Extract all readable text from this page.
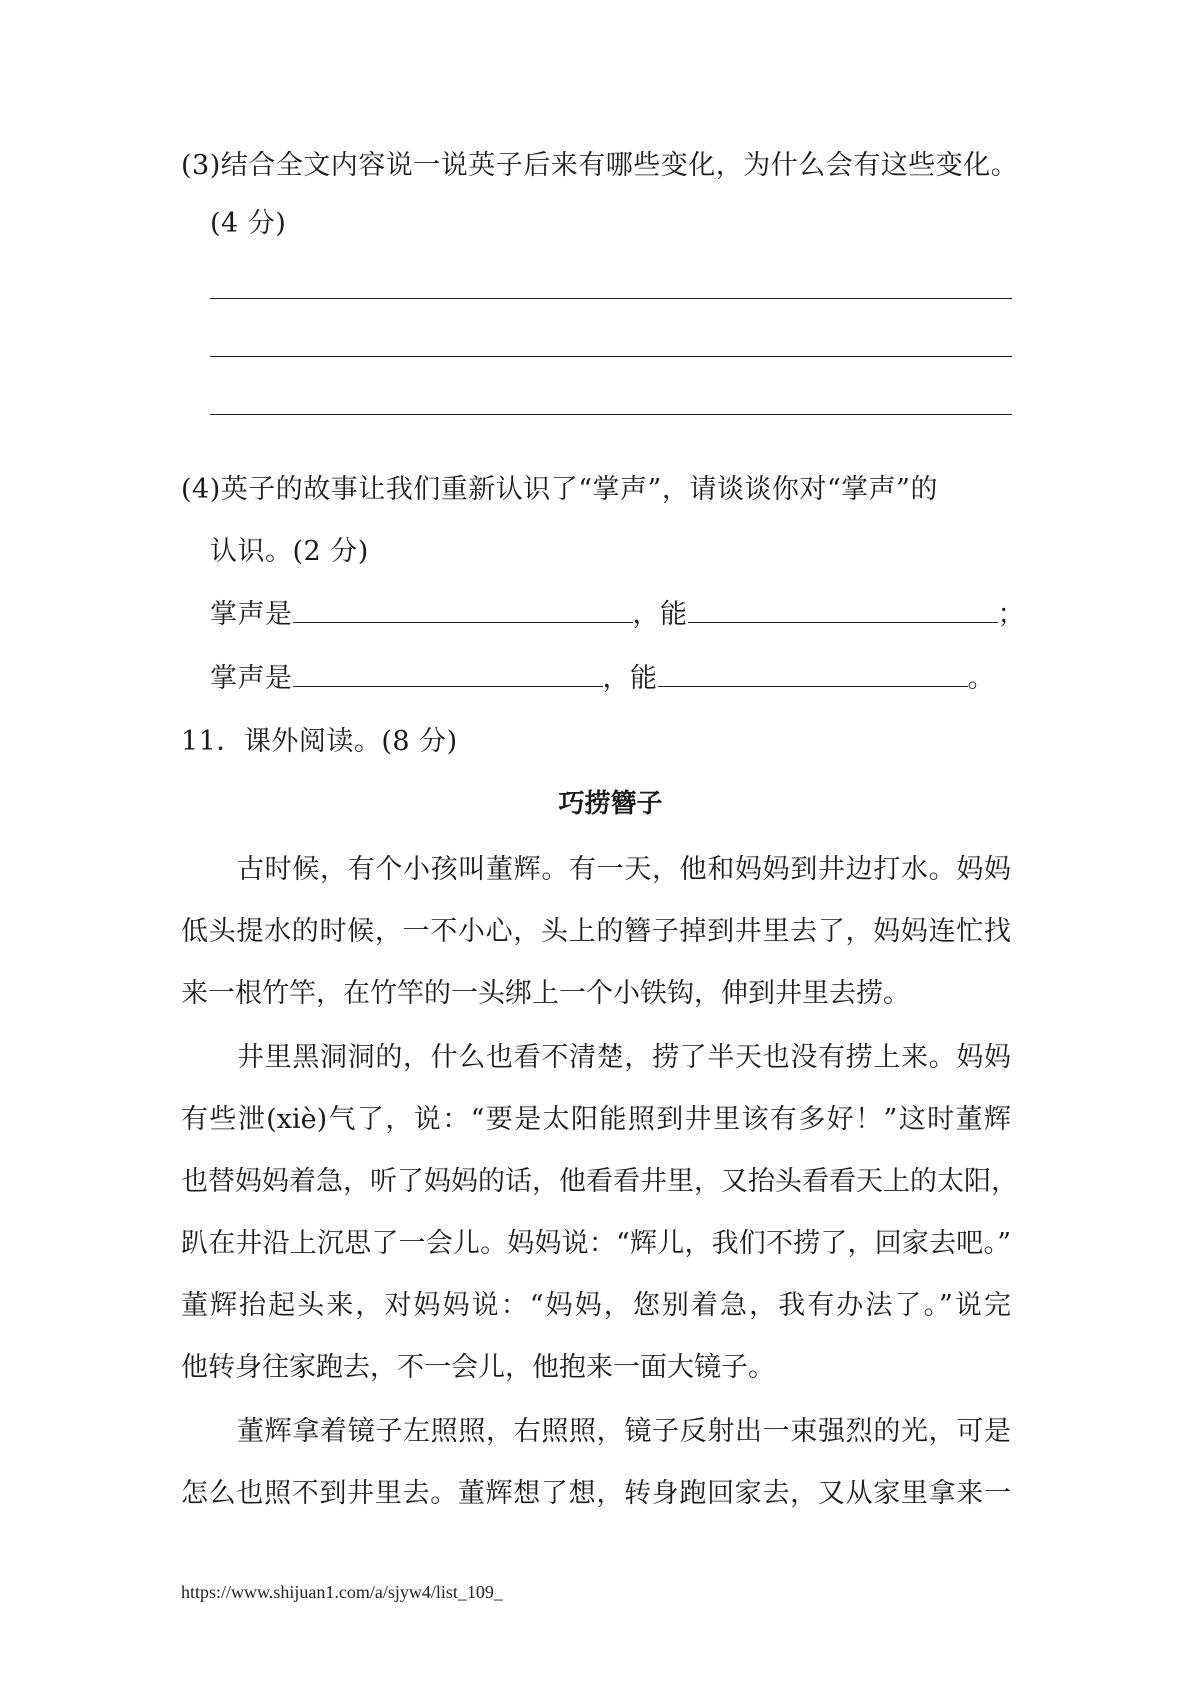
(3)结合全文内容说一说英子后来有哪些变化，为什么会有这些变化。
(4 分)
(4)英子的故事让我们重新认识了“掌声”，请谈谈你对“掌声”的
认识。(2 分)
掌声是	，能	；
掌声是	，能	。
11．课外阅读。(8 分)
巧捞簪子
古时候，有个小孩叫董辉。有一天，他和妈妈到井边打水。妈妈
低头提水的时候，一不小心，头上的簪子掉到井里去了，妈妈连忙找
来一根竹竿，在竹竿的一头绑上一个小铁钩，伸到井里去捞。
井里黑洞洞的，什么也看不清楚，捞了半天也没有捞上来。妈妈
有些泄(xiè)气了，说：“要是太阳能照到井里该有多好！”这时董辉
也替妈妈着急，听了妈妈的话，他看看井里，又抬头看看天上的太阳，
趴在井沿上沉思了一会儿。妈妈说：“辉儿，我们不捞了，回家去吧。”
董辉抬起头来，对妈妈说：“妈妈，您别着急，我有办法了。”说完
他转身往家跑去，不一会儿，他抱来一面大镜子。
董辉拿着镜子左照照，右照照，镜子反射出一束强烈的光，可是
怎么也照不到井里去。董辉想了想，转身跑回家去，又从家里拿来一
https://www.shijuan1.com/a/sjyw4/list_109_
